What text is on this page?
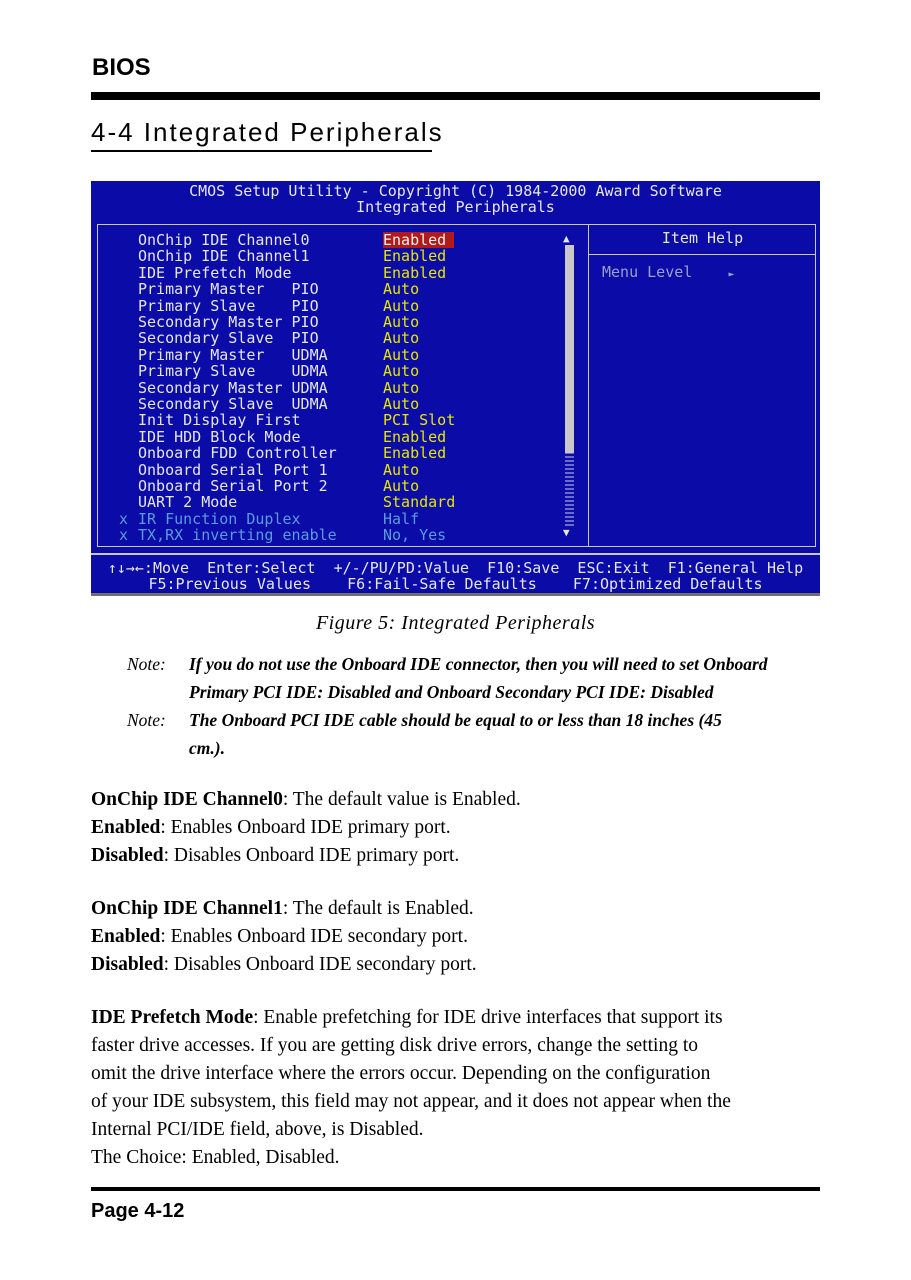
BIOS
4-4 Integrated Peripherals
CMOS Setup Utility - Copyright (C) 1984-2000 Award Software
Integrated Peripherals
OnChip IDE Channel0	Enabled
OnChip IDE Channel1	Enabled
IDE Prefetch Mode	Enabled
Primary Master   PIO	Auto
Primary Slave    PIO	Auto
Secondary Master PIO	Auto
Secondary Slave  PIO	Auto
Primary Master   UDMA	Auto
Primary Slave    UDMA	Auto
Secondary Master UDMA	Auto
Secondary Slave  UDMA	Auto
Init Display First	PCI Slot
IDE HDD Block Mode	Enabled
Onboard FDD Controller	Enabled
Onboard Serial Port 1	Auto
Onboard Serial Port 2	Auto
UART 2 Mode	Standard
x IR Function Duplex	Half
x TX,RX inverting enable	No, Yes
▲
▼
Item Help
Menu Level	►
↑↓→←:Move  Enter:Select  +/-/PU/PD:Value  F10:Save  ESC:Exit  F1:General Help
F5:Previous Values    F6:Fail-Safe Defaults    F7:Optimized Defaults
Figure 5: Integrated Peripherals
Note:	If you do not use the Onboard IDE connector, then you will need to set Onboard
Primary PCI IDE: Disabled and Onboard Secondary PCI IDE: Disabled
Note:	The Onboard PCI IDE cable should be equal to or less than 18 inches (45
cm.).
OnChip IDE Channel0: The default value is Enabled.
Enabled: Enables Onboard IDE primary port.
Disabled: Disables Onboard IDE primary port.
OnChip IDE Channel1: The default is Enabled.
Enabled: Enables Onboard IDE secondary port.
Disabled: Disables Onboard IDE secondary port.
IDE Prefetch Mode: Enable prefetching for IDE drive interfaces that support its
faster drive accesses. If you are getting disk drive errors, change the setting to
omit the drive interface where the errors occur. Depending on the configuration
of your IDE subsystem, this field may not appear, and it does not appear when the
Internal PCI/IDE field, above, is Disabled.
The Choice: Enabled, Disabled.
Page 4-12
